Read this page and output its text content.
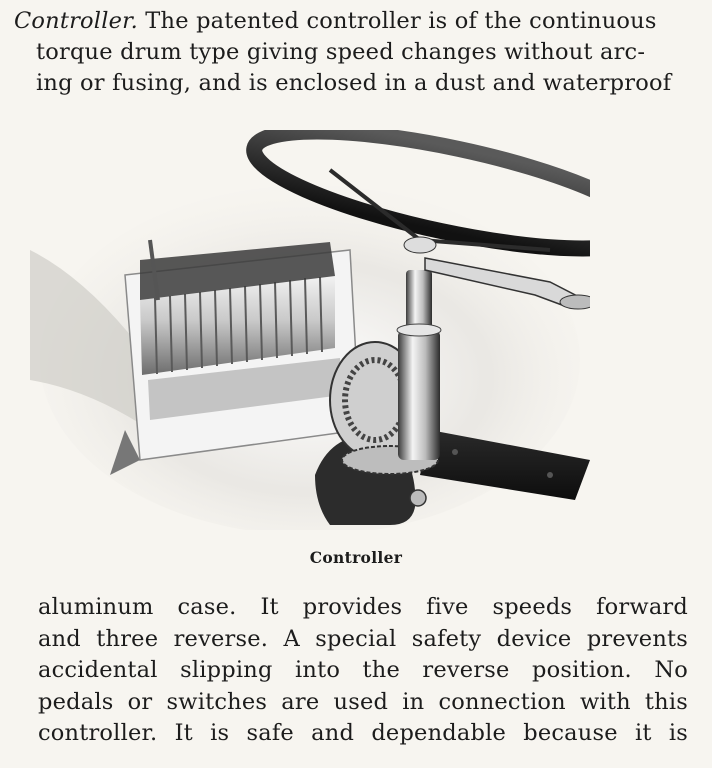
Controller. The patented controller is of the continuous
torque drum type giving speed changes without arc-
ing or fusing, and is enclosed in a dust and waterproof
Controller
aluminum case. It provides five speeds forward
and three reverse. A special safety device prevents
accidental slipping into the reverse position. No
pedals or switches are used in connection with this
controller. It is safe and dependable because it is
